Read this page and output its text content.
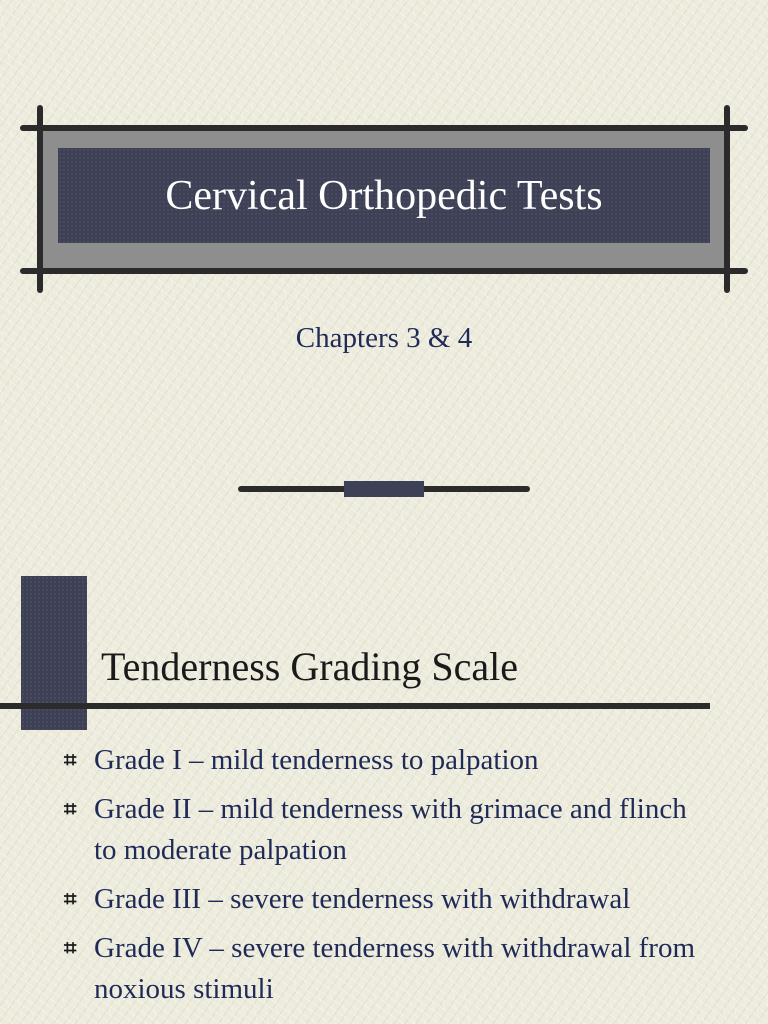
Cervical Orthopedic Tests
Chapters 3 & 4
Tenderness Grading Scale
⌗ Grade I – mild tenderness to palpation
⌗ Grade II – mild tenderness with grimace and flinch to moderate palpation
⌗ Grade III – severe tenderness with withdrawal
⌗ Grade IV – severe tenderness with withdrawal from noxious stimuli
